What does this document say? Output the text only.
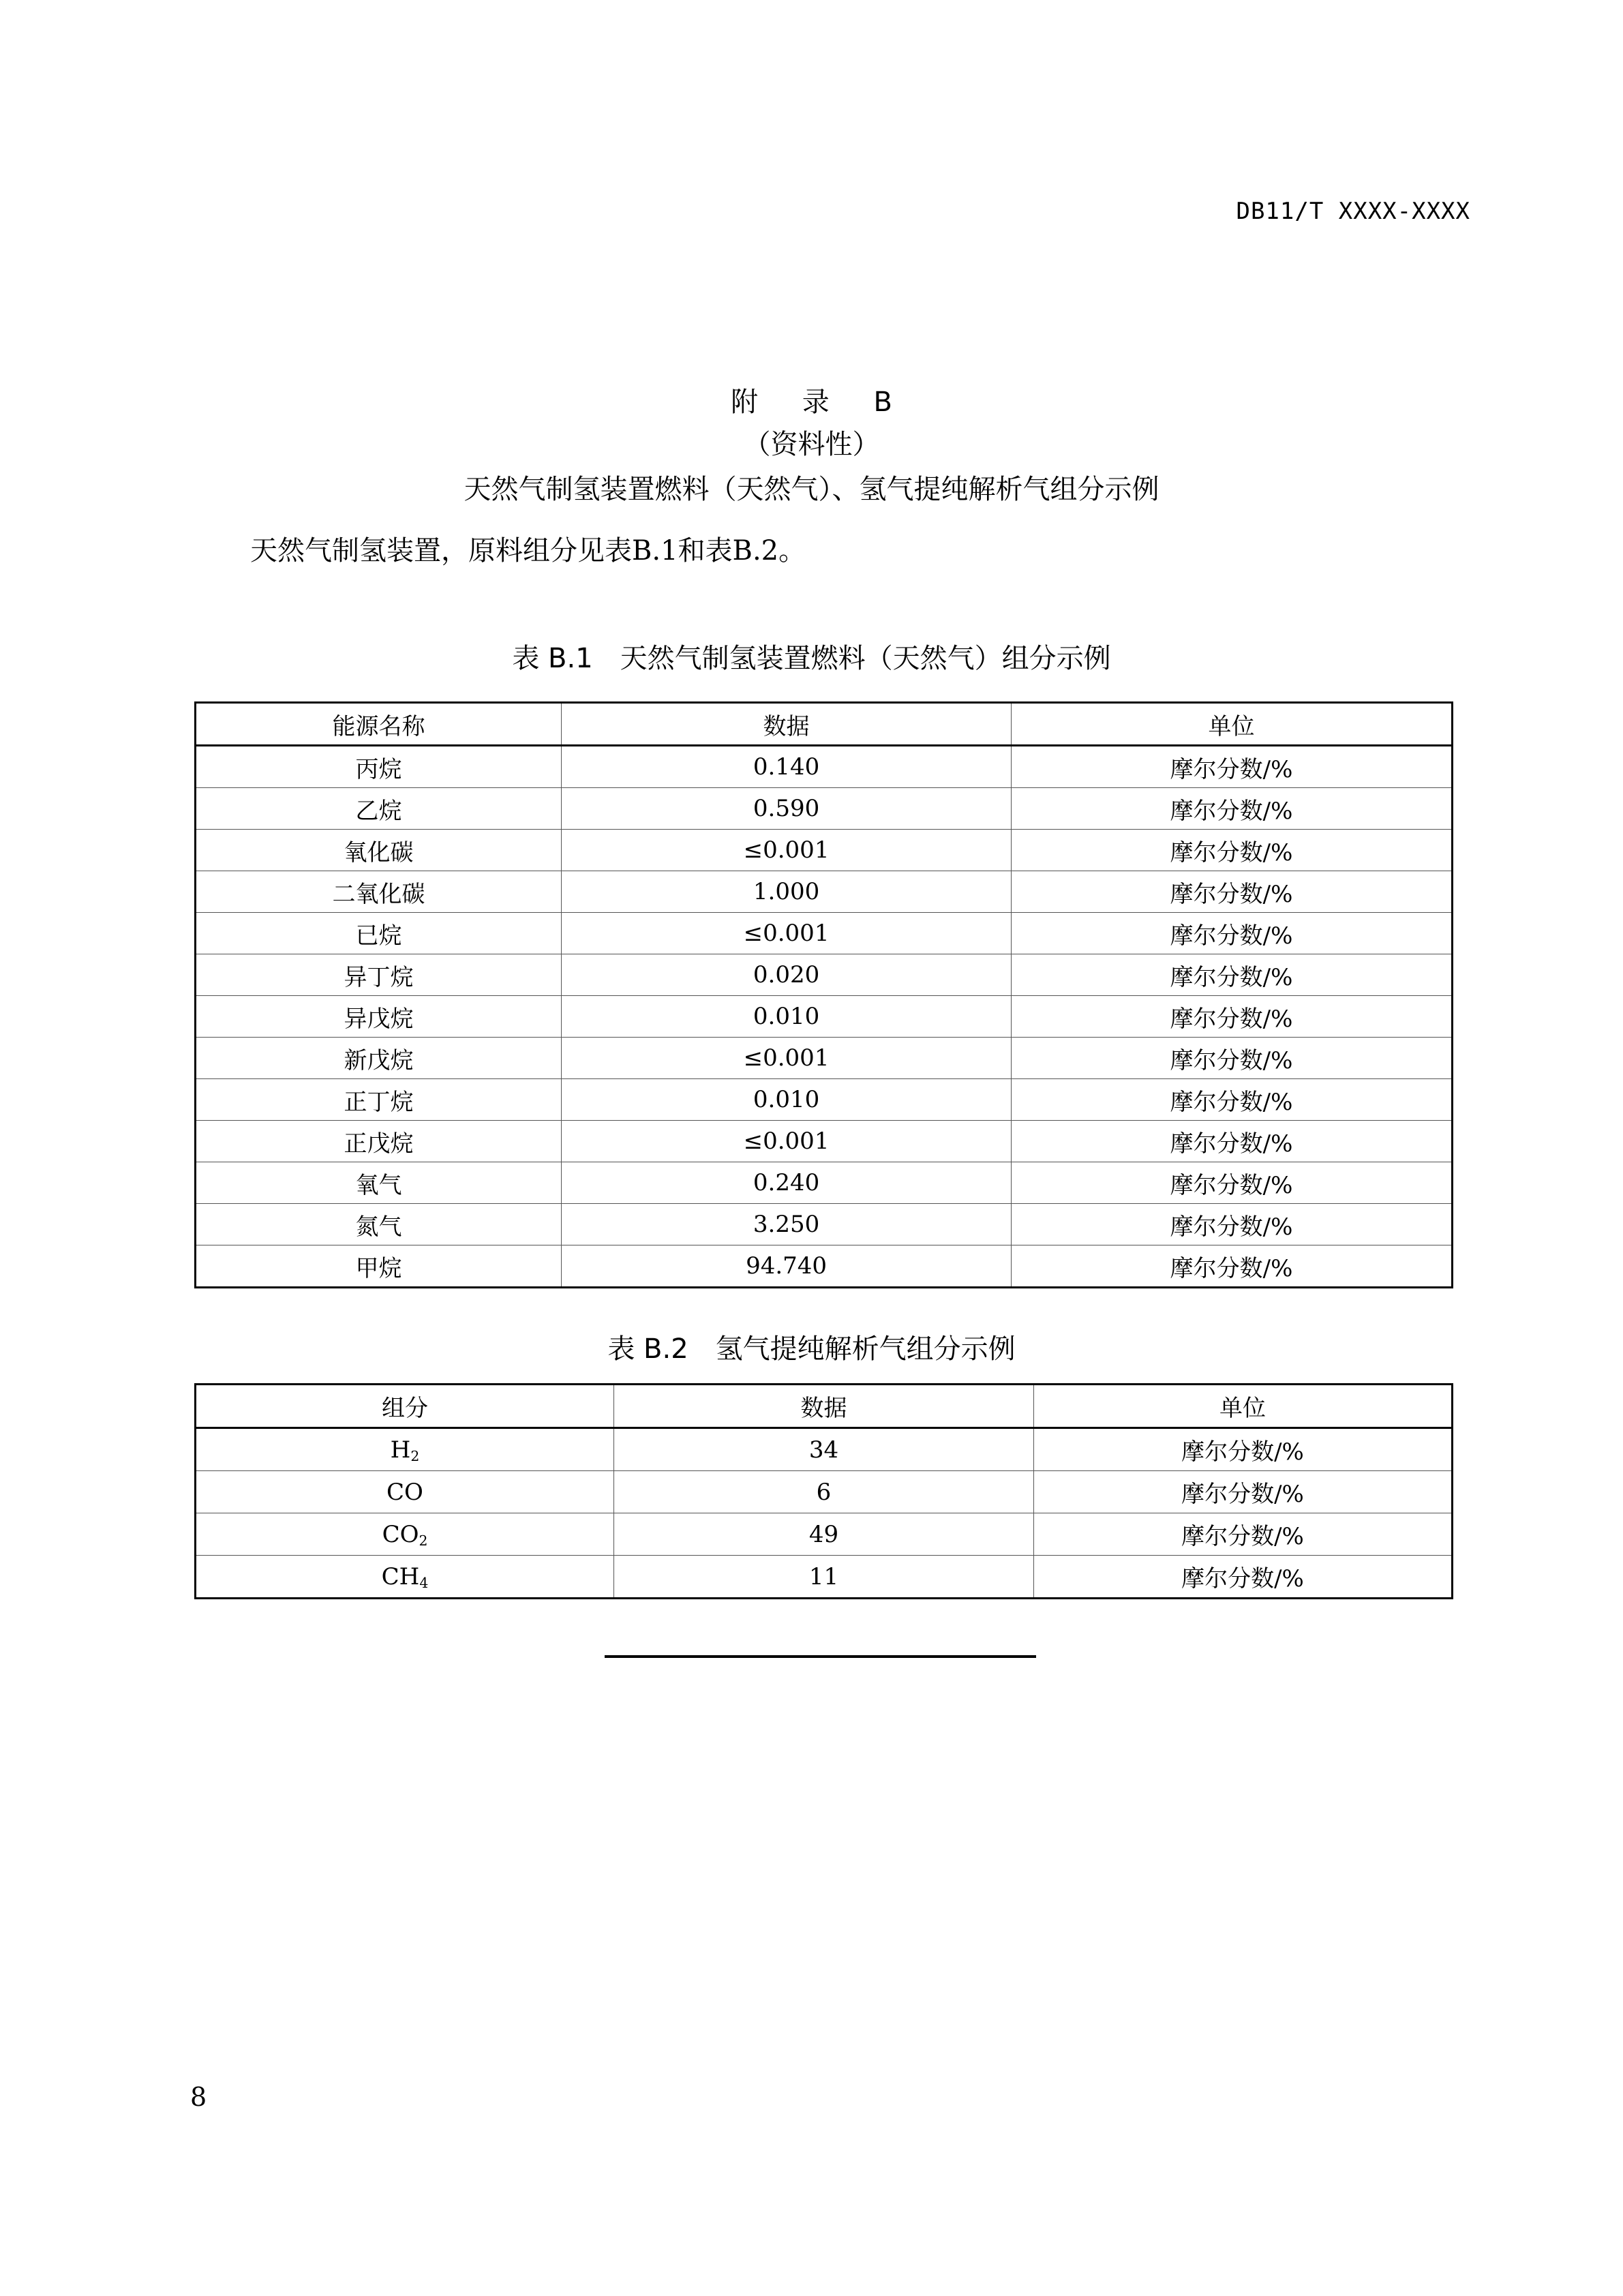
DB11/T XXXX-XXXX
附 录 B
（资料性）
天然气制氢装置燃料（天然气）、氢气提纯解析气组分示例
天然气制氢装置，原料组分见表B.1和表B.2。
表 B.1 天然气制氢装置燃料（天然气）组分示例
能源名称	数据	单位
丙烷	0.140	摩尔分数/%
乙烷	0.590	摩尔分数/%
氧化碳	≤0.001	摩尔分数/%
二氧化碳	1.000	摩尔分数/%
已烷	≤0.001	摩尔分数/%
异丁烷	0.020	摩尔分数/%
异戊烷	0.010	摩尔分数/%
新戊烷	≤0.001	摩尔分数/%
正丁烷	0.010	摩尔分数/%
正戊烷	≤0.001	摩尔分数/%
氧气	0.240	摩尔分数/%
氮气	3.250	摩尔分数/%
甲烷	94.740	摩尔分数/%
表 B.2 氢气提纯解析气组分示例
组分	数据	单位
$H_2$	34	摩尔分数/%
CO	6	摩尔分数/%
$CO_2$	49	摩尔分数/%
$CH_4$	11	摩尔分数/%
8
